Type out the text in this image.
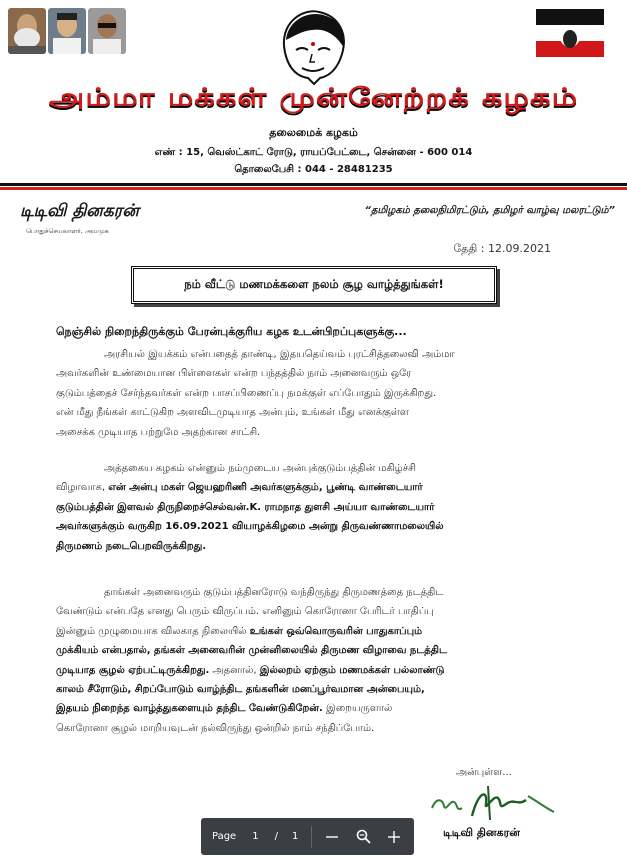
அம்மா மக்கள் முன்னேற்றக் கழகம்
தலைமைக் கழகம்
எண் : 15, வெஸ்ட்காட் ரோடு, ராயப்பேட்டை, சென்னை - 600 014
தொலைபேசி : 044 - 28481235
டிடிவி தினகரன்
பொதுச்செயலாளர், அமமுக
“தமிழகம் தலைநிமிரட்டும், தமிழர் வாழ்வு மலரட்டும்”
தேதி : 12.09.2021
நம் வீட்டு மணமக்களை நலம் சூழ வாழ்த்துங்கள்!
நெஞ்சில் நிறைந்திருக்கும் பேரன்புக்குரிய கழக உடன்பிறப்புகளுக்கு...
அரசியல் இயக்கம் என்பதைத் தாண்டி, இதயதெய்வம் புரட்சித்தலைவி அம்மா
அவர்களின் உண்மையான பிள்ளைகள் என்ற பந்தத்தில் நாம் அனைவரும் ஒரே
குடும்பத்தைச் சேர்ந்தவர்கள் என்ற பாசப்பிணைப்பு நமக்குள் எப்போதும் இருக்கிறது.
என் மீது நீங்கள் காட்டுகிற அளவிடமுடியாத அன்பும், உங்கள் மீது எனக்குள்ள
அசைக்க முடியாத பற்றுமே அதற்கான சாட்சி.
அத்தகைய கழகம் என்னும் நம்முடைய அன்புக்குடும்பத்தின் மகிழ்ச்சி
விழாவாக, என் அன்பு மகள் ஜெயஹரிணி அவர்களுக்கும், பூண்டி வாண்டையார்
குடும்பத்தின் இளவல் திருநிறைச்செல்வன்.K. ராமநாத துளசி அய்யா வாண்டையார்
அவர்களுக்கும் வருகிற 16.09.2021 வியாழக்கிழமை அன்று திருவண்ணாமலையில்
திருமணம் நடைபெறவிருக்கிறது.
தாங்கள் அனைவரும் குடும்பத்தினரோடு வந்திருந்து திருமணத்தை நடத்திட
வேண்டும் என்பதே எனது பெரும் விருப்பம். எனினும் கொரோனா பேரிடர் பாதிப்பு
இன்னும் முழுமையாக விலகாத நிலையில் உங்கள் ஒவ்வொருவரின் பாதுகாப்பும்
முக்கியம் என்பதால், தங்கள் அனைவரின் முன்னிலையில் திருமண விழாவை நடத்திட
முடியாத சூழல் ஏற்பட்டிருக்கிறது. அதனால், இல்லறம் ஏற்கும் மணமக்கள் பல்லாண்டு
காலம் சீரோடும், சிறப்போடும் வாழ்ந்திட தங்களின் மனப்பூர்வமான அன்பையும்,
இதயம் நிறைந்த வாழ்த்துகளையும் தந்திட வேண்டுகிறேன். இறையருளால்
கொரோனா சூழல் மாறியவுடன் நல்விருந்து ஒன்றில் நாம் சந்திப்போம்.
அன்புள்ள...
டிடிவி தினகரன்
Page 1 / 1
